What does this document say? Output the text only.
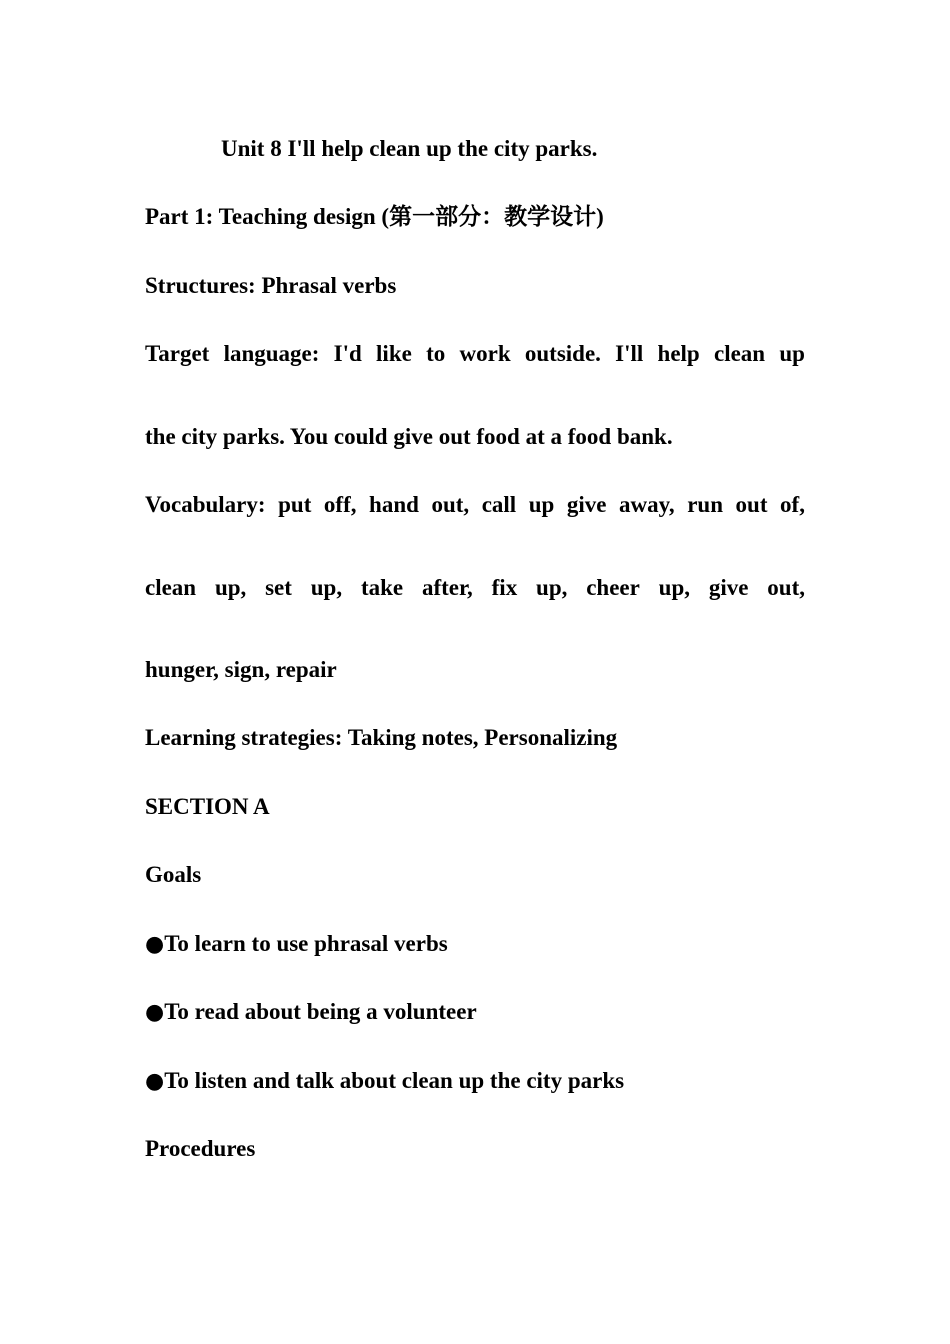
Unit 8 I'll help clean up the city parks.

Part 1: Teaching design (第一部分：教学设计)

Structures: Phrasal verbs

Target language: I'd like to work outside. I'll help clean up

the city parks. You could give out food at a food bank.

Vocabulary: put off, hand out, call up give away, run out of,
clean up, set up, take after, fix up, cheer up, give out,

hunger, sign, repair

Learning strategies: Taking notes, Personalizing

SECTION A

Goals

●To learn to use phrasal verbs

●To read about being a volunteer

●To listen and talk about clean up the city parks

Procedures
